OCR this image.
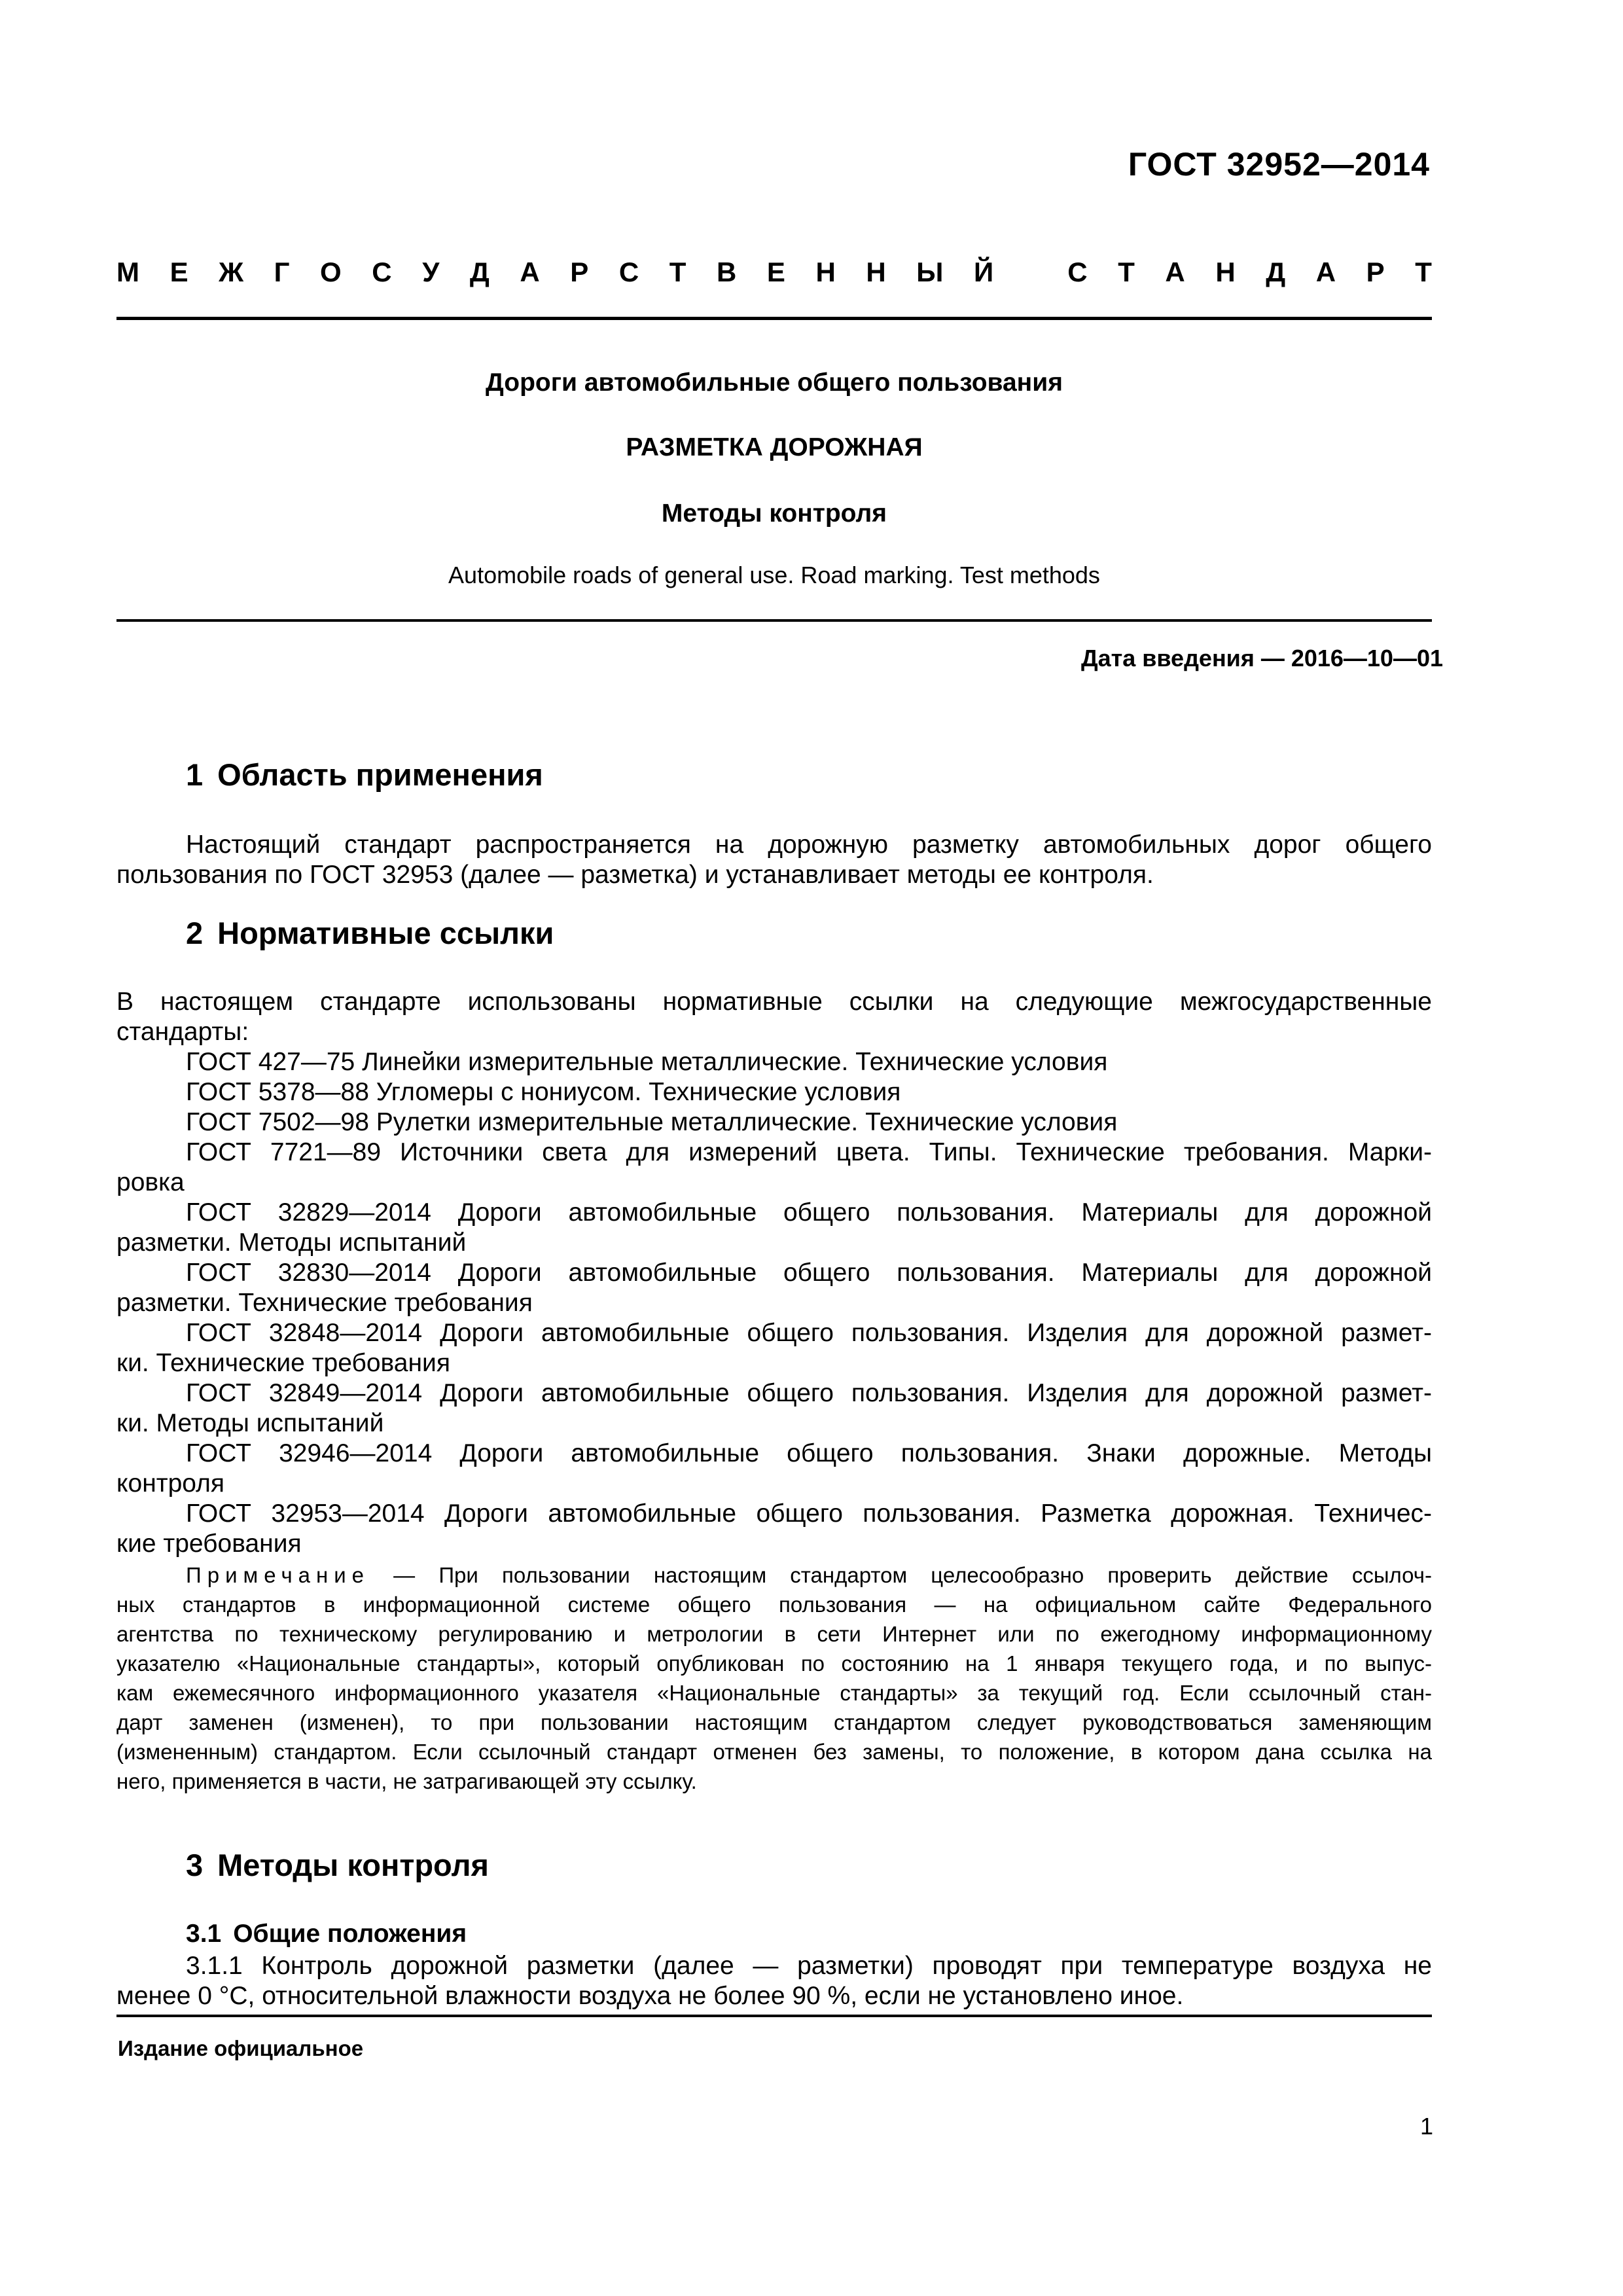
ГОСТ 32952—2014
М Е Ж Г О С У Д А Р С Т В Е Н Н Ы Й	С Т А Н Д А Р Т
Дороги автомобильные общего пользования
РАЗМЕТКА ДОРОЖНАЯ
Методы контроля
Automobile roads of general use. Road marking. Test methods
Дата введения — 2016—10—01
1 Область применения
Настоящий стандарт распространяется на дорожную разметку автомобильных дорог общего
пользования по ГОСТ 32953 (далее — разметка) и устанавливает методы ее контроля.
2 Нормативные ссылки
В настоящем стандарте использованы нормативные ссылки на следующие межгосударственные
стандарты:
ГОСТ 427—75 Линейки измерительные металлические. Технические условия
ГОСТ 5378—88 Угломеры с нониусом. Технические условия
ГОСТ 7502—98 Рулетки измерительные металлические. Технические условия
ГОСТ 7721—89 Источники света для измерений цвета. Типы. Технические требования. Марки-
ровка
ГОСТ 32829—2014 Дороги автомобильные общего пользования. Материалы для дорожной
разметки. Методы испытаний
ГОСТ 32830—2014 Дороги автомобильные общего пользования. Материалы для дорожной
разметки. Технические требования
ГОСТ 32848—2014 Дороги автомобильные общего пользования. Изделия для дорожной размет-
ки. Технические требования
ГОСТ 32849—2014 Дороги автомобильные общего пользования. Изделия для дорожной размет-
ки. Методы испытаний
ГОСТ 32946—2014 Дороги автомобильные общего пользования. Знаки дорожные. Методы
контроля
ГОСТ 32953—2014 Дороги автомобильные общего пользования. Разметка дорожная. Техничес-
кие требования
Примечание — При пользовании настоящим стандартом целесообразно проверить действие ссылоч-
ных стандартов в информационной системе общего пользования — на официальном сайте Федерального
агентства по техническому регулированию и метрологии в сети Интернет или по ежегодному информационному
указателю «Национальные стандарты», который опубликован по состоянию на 1 января текущего года, и по выпус-
кам ежемесячного информационного указателя «Национальные стандарты» за текущий год. Если ссылочный стан-
дарт заменен (изменен), то при пользовании настоящим стандартом следует руководствоваться заменяющим
(измененным) стандартом. Если ссылочный стандарт отменен без замены, то положение, в котором дана ссылка на
него, применяется в части, не затрагивающей эту ссылку.
3 Методы контроля
3.1 Общие положения
3.1.1 Контроль дорожной разметки (далее — разметки) проводят при температуре воздуха не
менее 0 °С, относительной влажности воздуха не более 90 %, если не установлено иное.
Издание официальное
1
